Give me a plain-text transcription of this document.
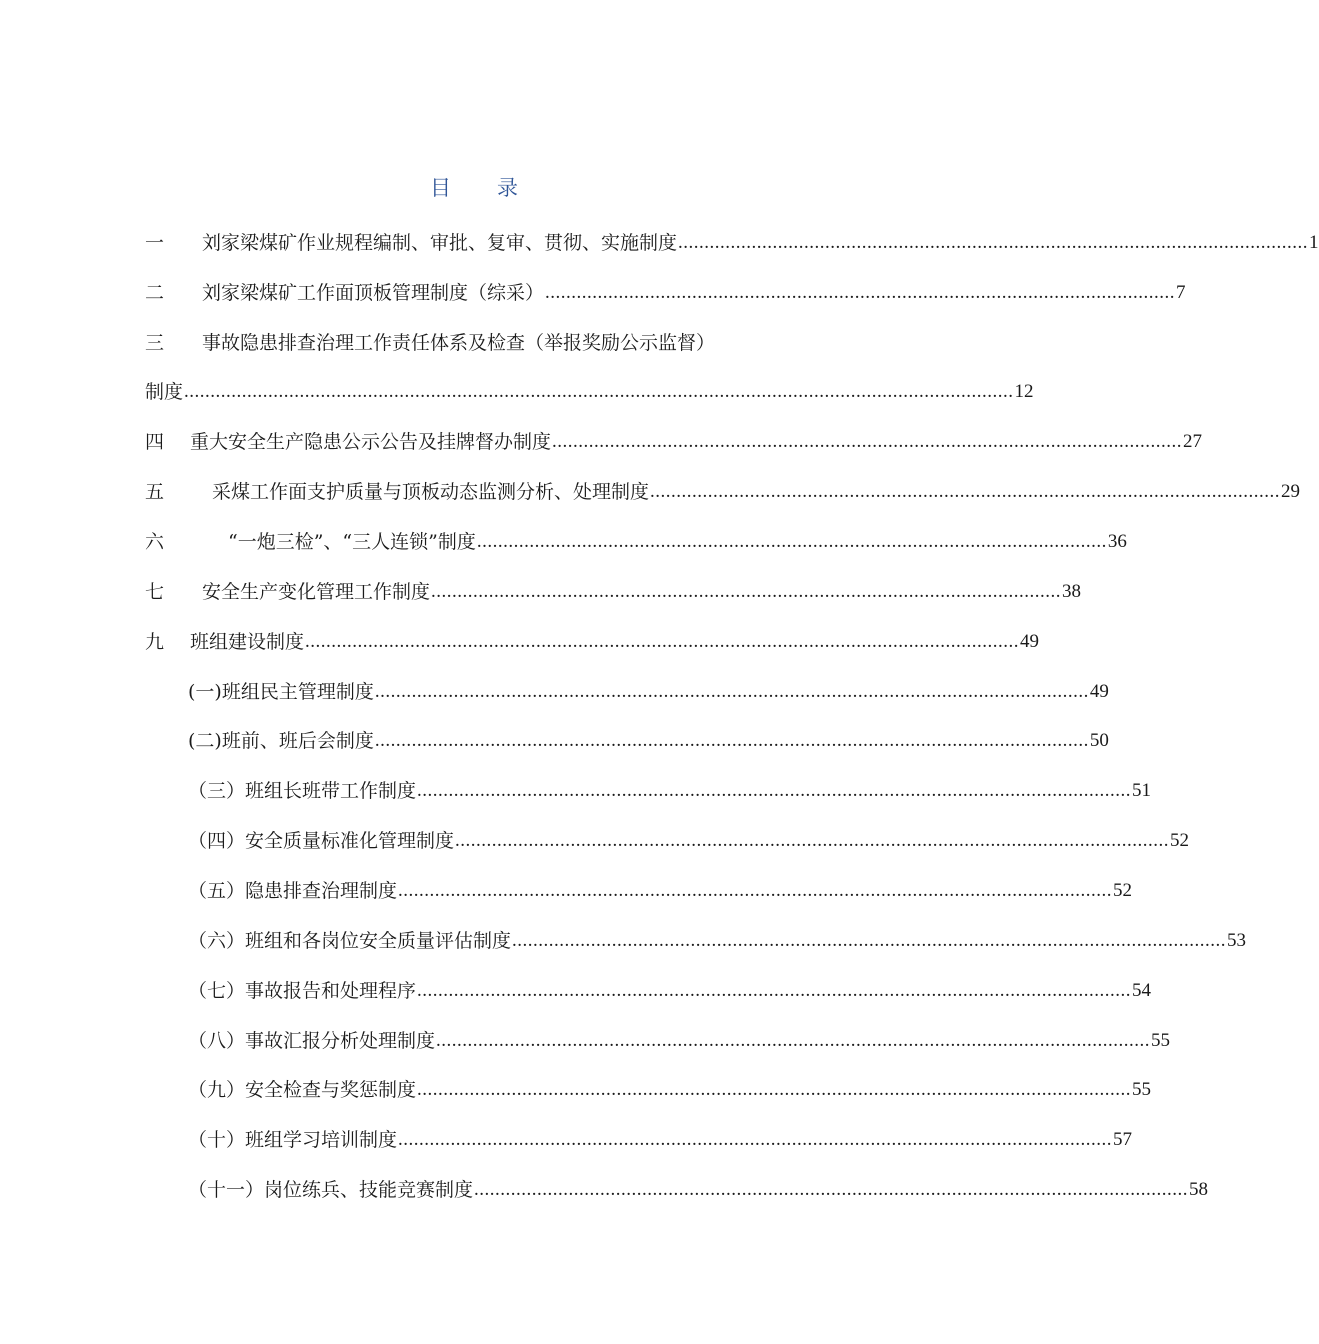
目 录
一 刘家梁煤矿作业规程编制、审批、复审、贯彻、实施制度 ........................................................................................................................ 1
二 刘家梁煤矿工作面顶板管理制度（综采） ........................................................................................................................ 7
三 事故隐患排查治理工作责任体系及检查（举报奖励公示监督）
制度 .............................................................................................................................................................. 12
四 重大安全生产隐患公示公告及挂牌督办制度 ........................................................................................................................ 27
五	采煤工作面支护质量与顶板动态监测分析、处理制度 ........................................................................................................................ 29
六	“一炮三检”、“三人连锁”制度 ........................................................................................................................ 36
七 安全生产变化管理工作制度 ........................................................................................................................ 38
九 班组建设制度 ........................................................................................................................................ 49
(一)班组民主管理制度 ........................................................................................................................................ 49
(二)班前、班后会制度 ........................................................................................................................................ 50
（三）班组长班带工作制度 ........................................................................................................................................ 51
（四）安全质量标准化管理制度 ........................................................................................................................................ 52
（五）隐患排查治理制度 ........................................................................................................................................ 52
（六）班组和各岗位安全质量评估制度 ........................................................................................................................................ 53
（七）事故报告和处理程序 ........................................................................................................................................ 54
（八）事故汇报分析处理制度 ........................................................................................................................................ 55
（九）安全检查与奖惩制度 ........................................................................................................................................ 55
（十）班组学习培训制度 ........................................................................................................................................ 57
（十一）岗位练兵、技能竞赛制度 ........................................................................................................................................ 58
